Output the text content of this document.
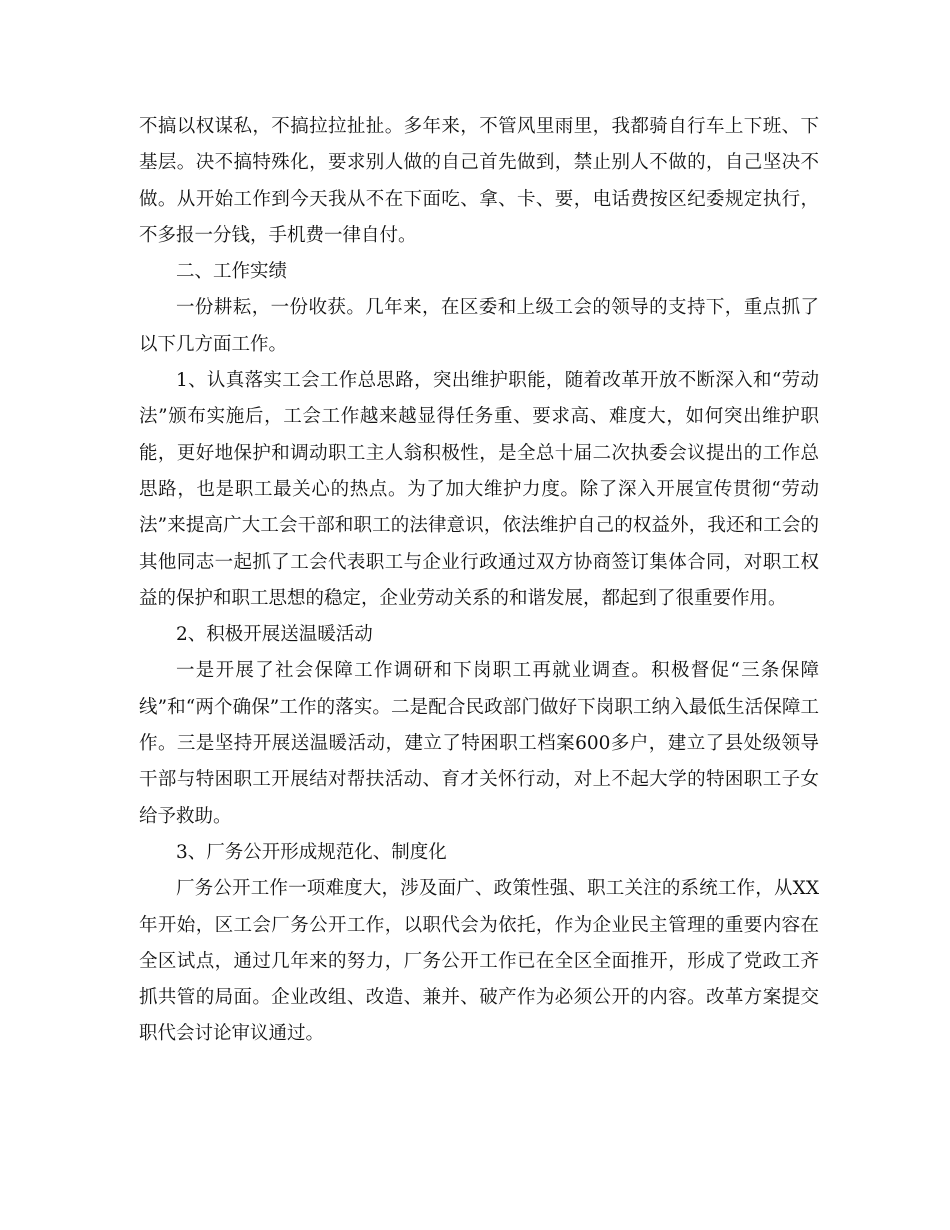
不搞以权谋私，不搞拉拉扯扯。多年来，不管风里雨里，我都骑自行车上下班、下基层。决不搞特殊化，要求别人做的自己首先做到，禁止别人不做的，自己坚决不做。从开始工作到今天我从不在下面吃、拿、卡、要，电话费按区纪委规定执行，不多报一分钱，手机费一律自付。

二、工作实绩

一份耕耘，一份收获。几年来，在区委和上级工会的领导的支持下，重点抓了以下几方面工作。

1、认真落实工会工作总思路，突出维护职能，随着改革开放不断深入和“劳动法”颁布实施后，工会工作越来越显得任务重、要求高、难度大，如何突出维护职能，更好地保护和调动职工主人翁积极性，是全总十届二次执委会议提出的工作总思路，也是职工最关心的热点。为了加大维护力度。除了深入开展宣传贯彻“劳动法”来提高广大工会干部和职工的法律意识，依法维护自己的权益外，我还和工会的其他同志一起抓了工会代表职工与企业行政通过双方协商签订集体合同，对职工权益的保护和职工思想的稳定，企业劳动关系的和谐发展，都起到了很重要作用。

2、积极开展送温暖活动

一是开展了社会保障工作调研和下岗职工再就业调查。积极督促“三条保障线”和“两个确保”工作的落实。二是配合民政部门做好下岗职工纳入最低生活保障工作。三是坚持开展送温暖活动，建立了特困职工档案600多户，建立了县处级领导干部与特困职工开展结对帮扶活动、育才关怀行动，对上不起大学的特困职工子女给予救助。

3、厂务公开形成规范化、制度化

厂务公开工作一项难度大，涉及面广、政策性强、职工关注的系统工作，从XX年开始，区工会厂务公开工作，以职代会为依托，作为企业民主管理的重要内容在全区试点，通过几年来的努力，厂务公开工作已在全区全面推开，形成了党政工齐抓共管的局面。企业改组、改造、兼并、破产作为必须公开的内容。改革方案提交职代会讨论审议通过。
